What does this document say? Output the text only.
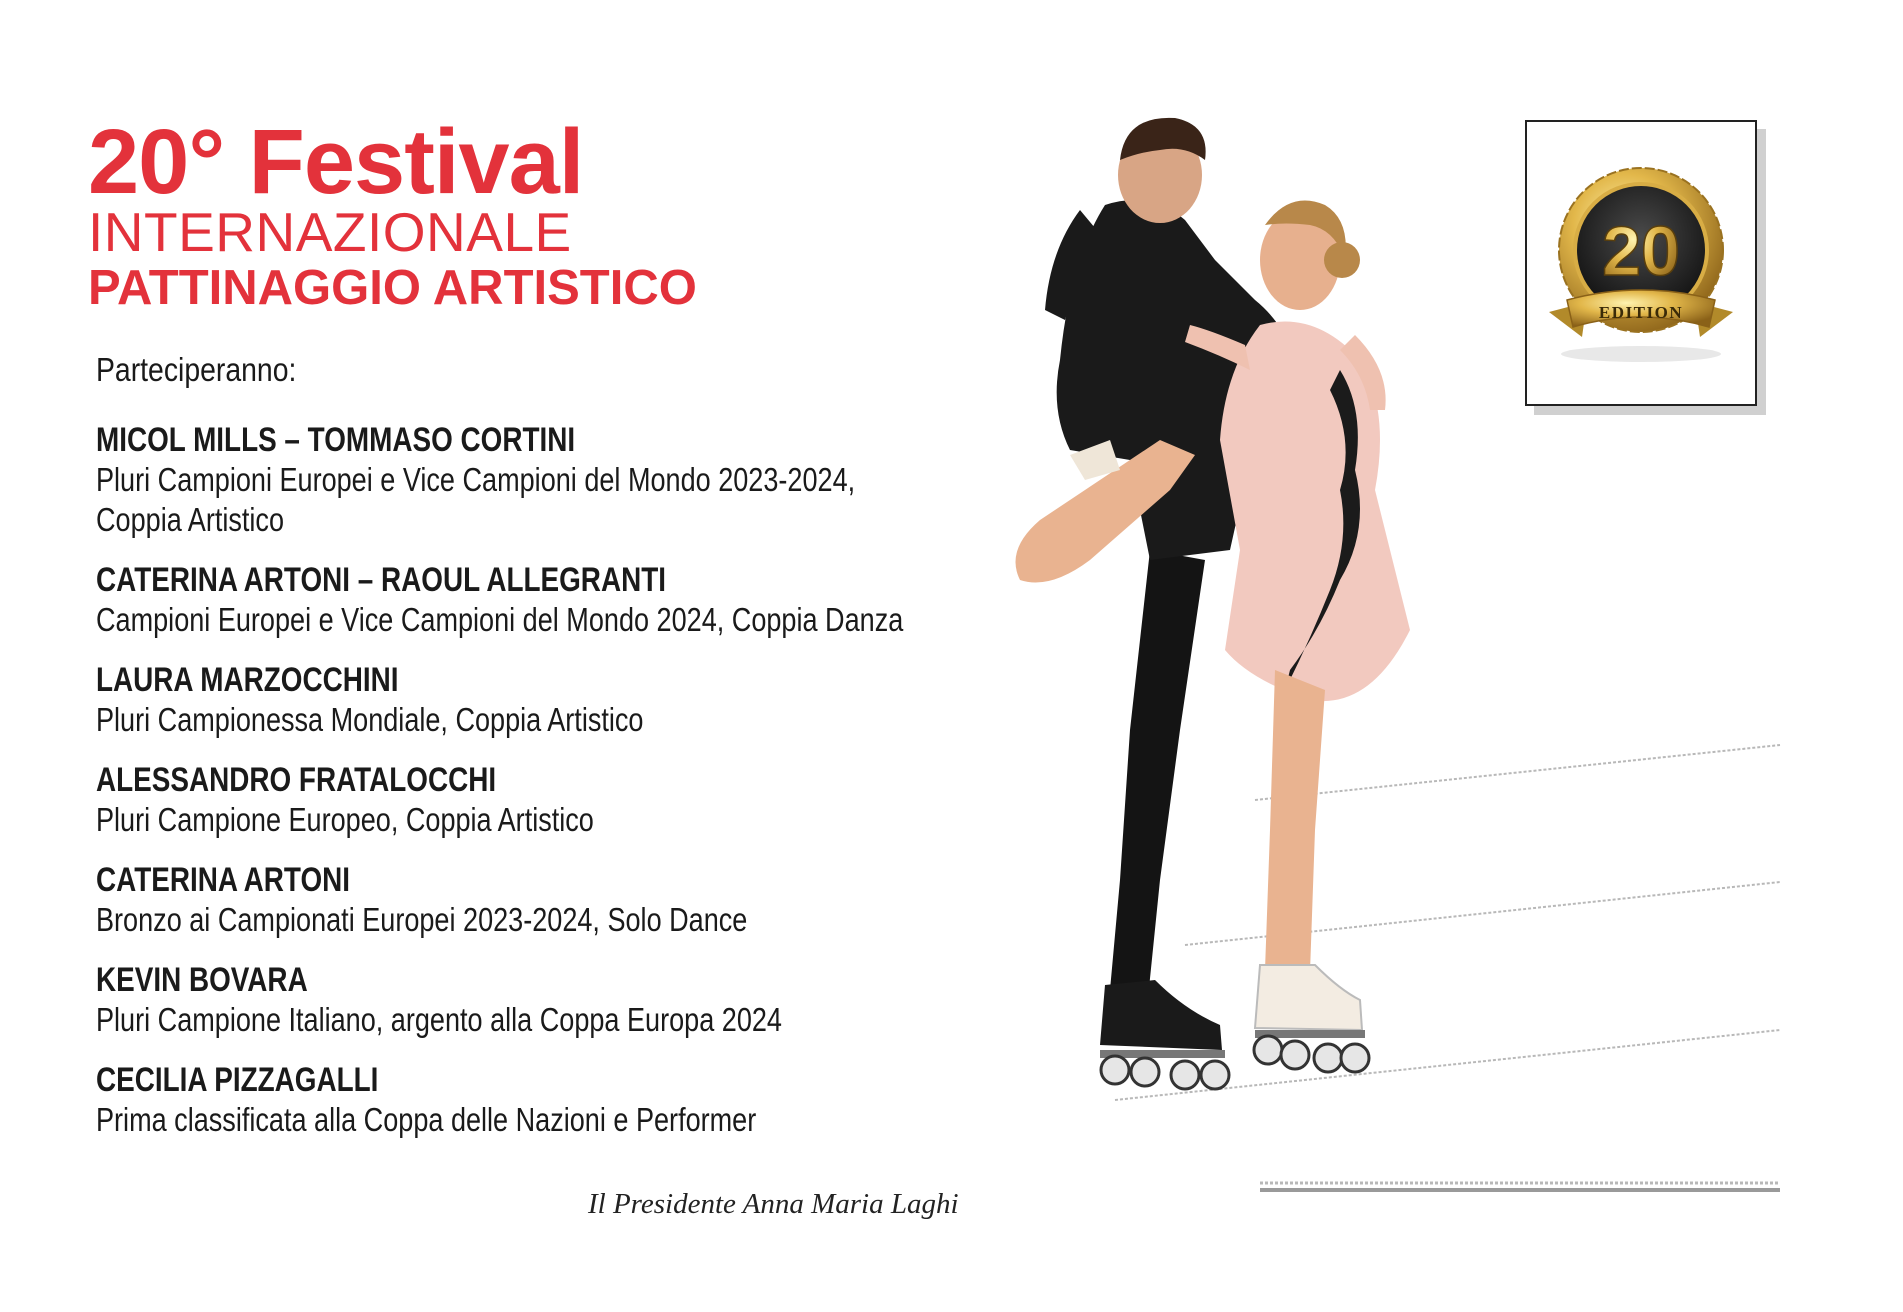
20° Festival
INTERNAZIONALE
PATTINAGGIO ARTISTICO
Parteciperanno:
MICOL MILLS – TOMMASO CORTINI
Pluri Campioni Europei e Vice Campioni del Mondo 2023-2024,
Coppia Artistico
CATERINA ARTONI – RAOUL ALLEGRANTI
Campioni Europei e Vice Campioni del Mondo 2024, Coppia Danza
LAURA MARZOCCHINI
Pluri Campionessa Mondiale, Coppia Artistico
ALESSANDRO FRATALOCCHI
Pluri Campione Europeo, Coppia Artistico
CATERINA ARTONI
Bronzo ai Campionati Europei 2023-2024, Solo Dance
KEVIN BOVARA
Pluri Campione Italiano, argento alla Coppa Europa 2024
CECILIA PIZZAGALLI
Prima classificata alla Coppa delle Nazioni e Performer
Il Presidente Anna Maria Laghi
20
EDITION
